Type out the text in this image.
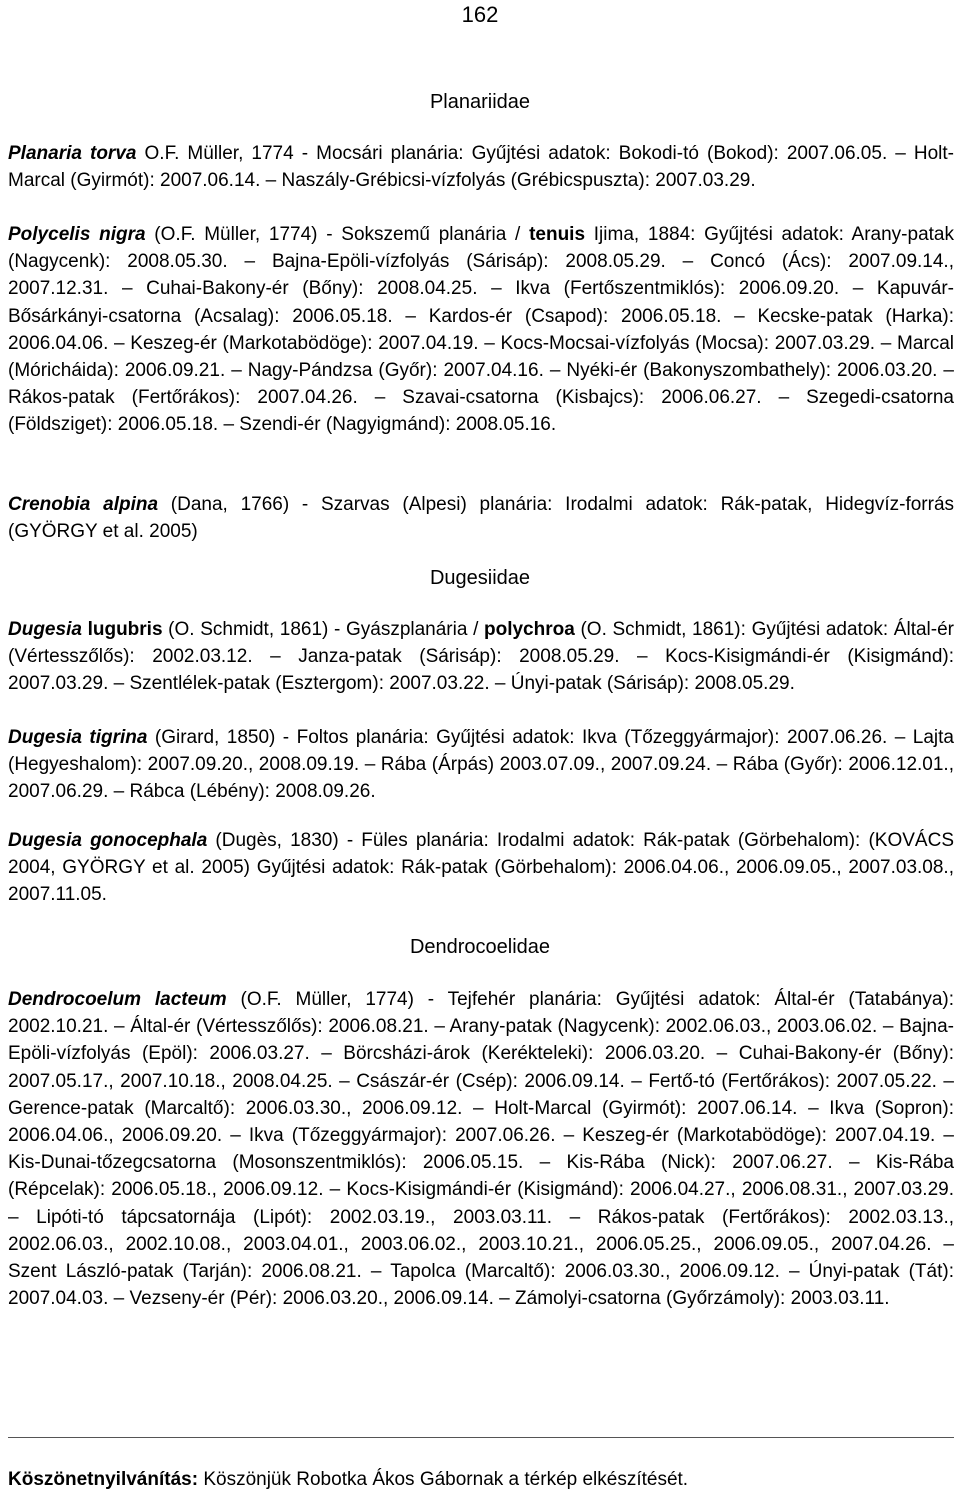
162
Planariidae
Planaria torva O.F. Müller, 1774 - Mocsári planária: Gyűjtési adatok: Bokodi-tó (Bokod): 2007.06.05. – Holt-Marcal (Gyirmót): 2007.06.14. – Naszály-Grébicsi-vízfolyás (Grébicspuszta): 2007.03.29.
Polycelis nigra (O.F. Müller, 1774) - Sokszemű planária / tenuis Ijima, 1884: Gyűjtési adatok: Arany-patak (Nagycenk): 2008.05.30. – Bajna-Epöli-vízfolyás (Sárisáp): 2008.05.29. – Concó (Ács): 2007.09.14., 2007.12.31. – Cuhai-Bakony-ér (Bőny): 2008.04.25. – Ikva (Fertőszentmiklós): 2006.09.20. – Kapuvár-Bősárkányi-csatorna (Acsalag): 2006.05.18. – Kardos-ér (Csapod): 2006.05.18. – Kecske-patak (Harka): 2006.04.06. – Keszeg-ér (Markotabödöge): 2007.04.19. – Kocs-Mocsai-vízfolyás (Mocsa): 2007.03.29. – Marcal (Móricháida): 2006.09.21. – Nagy-Pándzsa (Győr): 2007.04.16. – Nyéki-ér (Bakonyszombathely): 2006.03.20. – Rákos-patak (Fertőrákos): 2007.04.26. – Szavai-csatorna (Kisbajcs): 2006.06.27. – Szegedi-csatorna (Földsziget): 2006.05.18. – Szendi-ér (Nagyigmánd): 2008.05.16.
Crenobia alpina (Dana, 1766) - Szarvas (Alpesi) planária: Irodalmi adatok: Rák-patak, Hidegvíz-forrás (GYÖRGY et al. 2005)
Dugesiidae
Dugesia lugubris (O. Schmidt, 1861) - Gyászplanária / polychroa (O. Schmidt, 1861): Gyűjtési adatok: Által-ér (Vértesszőlős): 2002.03.12. – Janza-patak (Sárisáp): 2008.05.29. – Kocs-Kisigmándi-ér (Kisigmánd): 2007.03.29. – Szentlélek-patak (Esztergom): 2007.03.22. – Únyi-patak (Sárisáp): 2008.05.29.
Dugesia tigrina (Girard, 1850) - Foltos planária: Gyűjtési adatok: Ikva (Tőzeggyármajor): 2007.06.26. – Lajta (Hegyeshalom): 2007.09.20., 2008.09.19. – Rába (Árpás) 2003.07.09., 2007.09.24. – Rába (Győr): 2006.12.01., 2007.06.29. – Rábca (Lébény): 2008.09.26.
Dugesia gonocephala (Dugès, 1830) - Füles planária: Irodalmi adatok: Rák-patak (Görbehalom): (KOVÁCS 2004, GYÖRGY et al. 2005) Gyűjtési adatok: Rák-patak (Görbehalom): 2006.04.06., 2006.09.05., 2007.03.08., 2007.11.05.
Dendrocoelidae
Dendrocoelum lacteum (O.F. Müller, 1774) - Tejfehér planária: Gyűjtési adatok: Által-ér (Tatabánya): 2002.10.21. – Által-ér (Vértesszőlős): 2006.08.21. – Arany-patak (Nagycenk): 2002.06.03., 2003.06.02. – Bajna-Epöli-vízfolyás (Epöl): 2006.03.27. – Börcsházi-árok (Kerékteleki): 2006.03.20. – Cuhai-Bakony-ér (Bőny): 2007.05.17., 2007.10.18., 2008.04.25. – Császár-ér (Csép): 2006.09.14. – Fertő-tó (Fertőrákos): 2007.05.22. – Gerence-patak (Marcaltő): 2006.03.30., 2006.09.12. – Holt-Marcal (Gyirmót): 2007.06.14. – Ikva (Sopron): 2006.04.06., 2006.09.20. – Ikva (Tőzeggyármajor): 2007.06.26. – Keszeg-ér (Markotabödöge): 2007.04.19. – Kis-Dunai-tőzegcsatorna (Mosonszentmiklós): 2006.05.15. – Kis-Rába (Nick): 2007.06.27. – Kis-Rába (Répcelak): 2006.05.18., 2006.09.12. – Kocs-Kisigmándi-ér (Kisigmánd): 2006.04.27., 2006.08.31., 2007.03.29. – Lipóti-tó tápcsatornája (Lipót): 2002.03.19., 2003.03.11. – Rákos-patak (Fertőrákos): 2002.03.13., 2002.06.03., 2002.10.08., 2003.04.01., 2003.06.02., 2003.10.21., 2006.05.25., 2006.09.05., 2007.04.26. – Szent László-patak (Tarján): 2006.08.21. – Tapolca (Marcaltő): 2006.03.30., 2006.09.12. – Únyi-patak (Tát): 2007.04.03. – Vezseny-ér (Pér): 2006.03.20., 2006.09.14. – Zámolyi-csatorna (Győrzámoly): 2003.03.11.
Köszönetnyilvánítás: Köszönjük Robotka Ákos Gábornak a térkép elkészítését.
